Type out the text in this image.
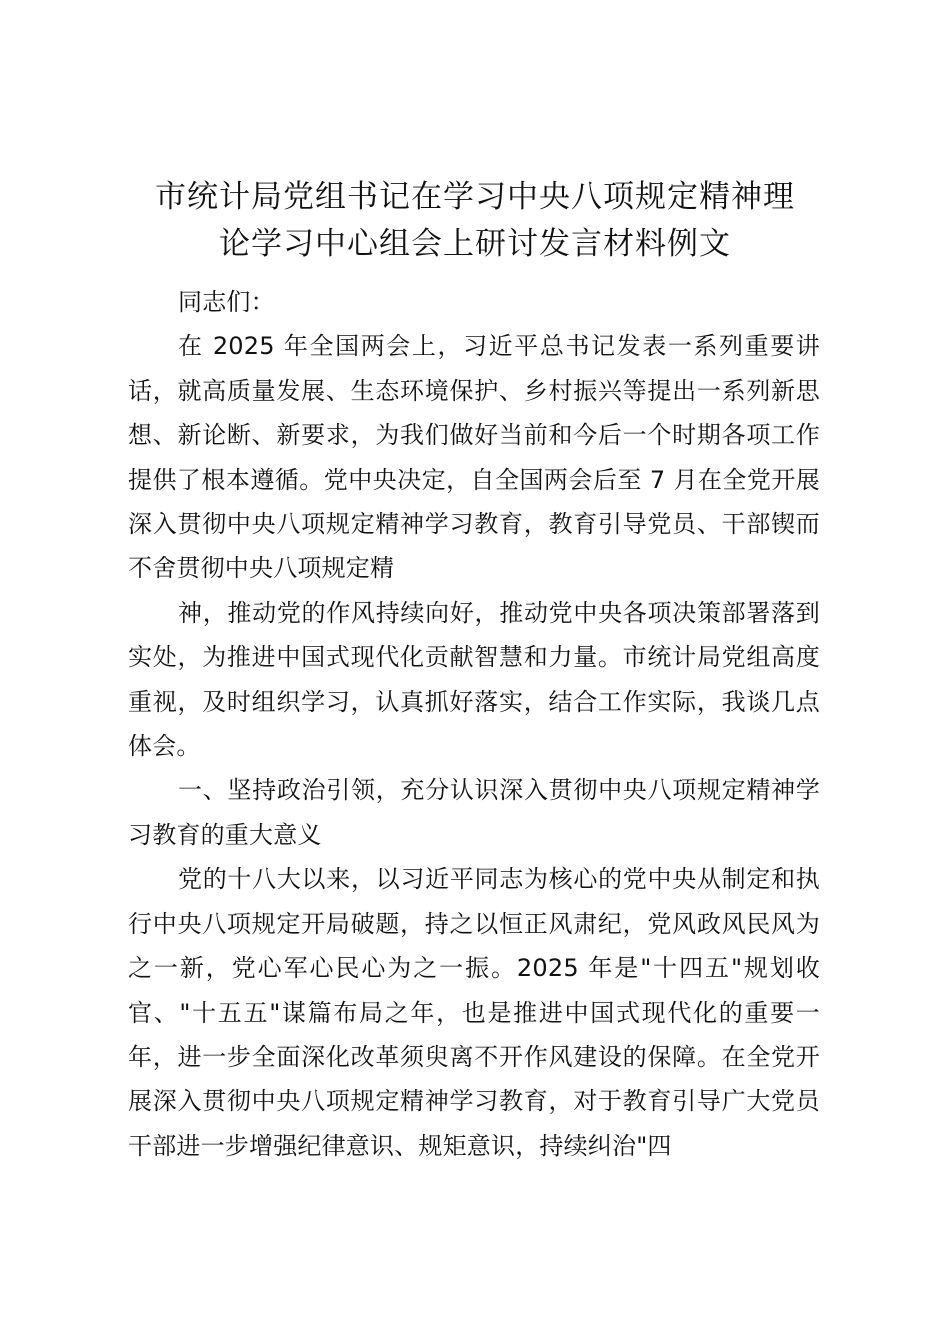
市统计局党组书记在学习中央八项规定精神理
论学习中心组会上研讨发言材料例文

同志们：

在 2025 年全国两会上，习近平总书记发表一系列重要讲话，就高质量发展、生态环境保护、乡村振兴等提出一系列新思想、新论断、新要求，为我们做好当前和今后一个时期各项工作提供了根本遵循。党中央决定，自全国两会后至 7 月在全党开展深入贯彻中央八项规定精神学习教育，教育引导党员、干部锲而不舍贯彻中央八项规定精

神，推动党的作风持续向好，推动党中央各项决策部署落到实处，为推进中国式现代化贡献智慧和力量。市统计局党组高度重视，及时组织学习，认真抓好落实，结合工作实际，我谈几点体会。

一、坚持政治引领，充分认识深入贯彻中央八项规定精神学习教育的重大意义

党的十八大以来，以习近平同志为核心的党中央从制定和执行中央八项规定开局破题，持之以恒正风肃纪，党风政风民风为之一新，党心军心民心为之一振。2025 年是"十四五"规划收官、"十五五"谋篇布局之年，也是推进中国式现代化的重要一年，进一步全面深化改革须臾离不开作风建设的保障。在全党开展深入贯彻中央八项规定精神学习教育，对于教育引导广大党员干部进一步增强纪律意识、规矩意识，持续纠治"四
